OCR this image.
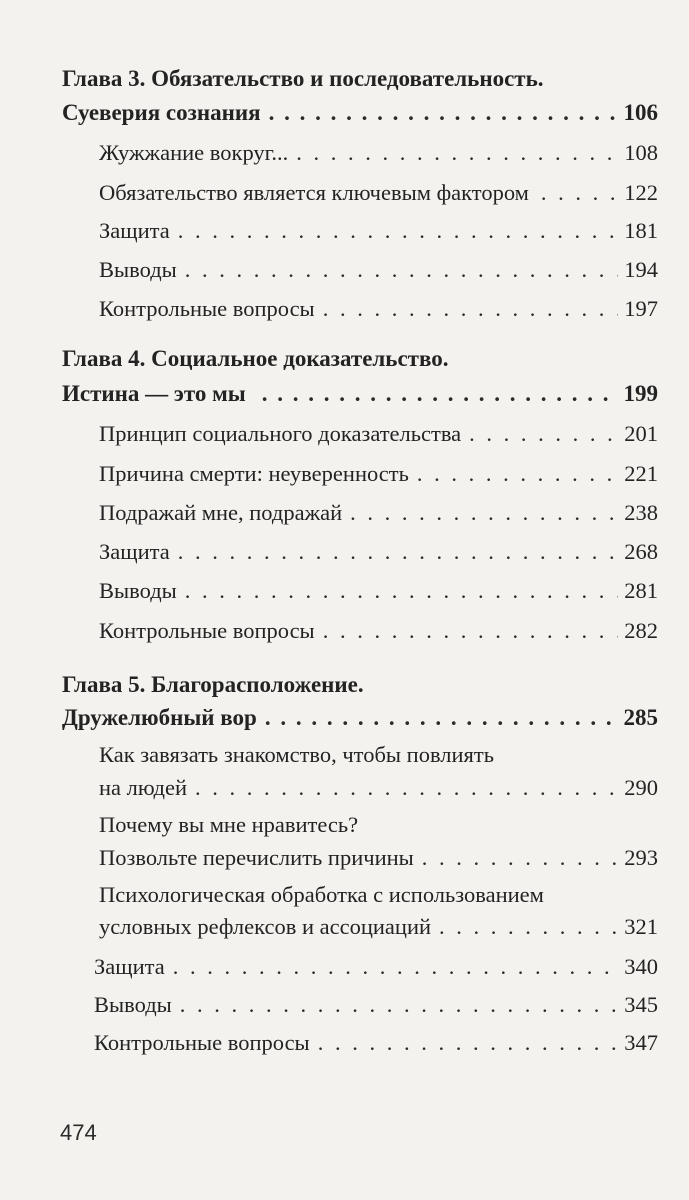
Глава 3. Обязательство и последовательность.
Суеверия сознания . . .	106
Жужжание вокруг... . . .	108
Обязательство является ключевым фактором . . .	122
Защита . . .	181
Выводы . . .	194
Контрольные вопросы . . .	197
Глава 4. Социальное доказательство.
Истина — это мы . . .	199
Принцип социального доказательства . . .	201
Причина смерти: неуверенность . . .	221
Подражай мне, подражай . . .	238
Защита . . .	268
Выводы . . .	281
Контрольные вопросы . . .	282
Глава 5. Благорасположение.
Дружелюбный вор . . .	285
Как завязать знакомство, чтобы повлиять
на людей . . .	290
Почему вы мне нравитесь?
Позвольте перечислить причины . . .	293
Психологическая обработка с использованием
условных рефлексов и ассоциаций . . .	321
Защита . . .	340
Выводы . . .	345
Контрольные вопросы . . .	347
474
